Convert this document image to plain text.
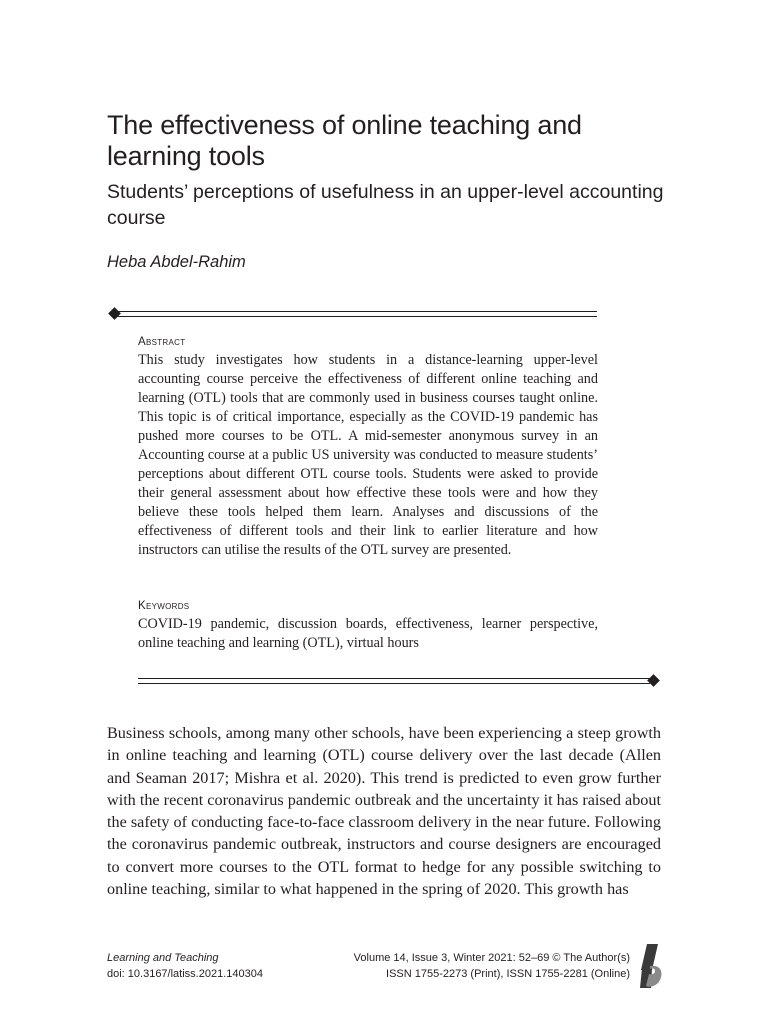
The effectiveness of online teaching and learning tools
Students’ perceptions of usefulness in an upper-level accounting course
Heba Abdel-Rahim
Abstract

This study investigates how students in a distance-learning upper-level accounting course perceive the effectiveness of different online teaching and learning (OTL) tools that are commonly used in business courses taught online. This topic is of critical importance, especially as the COVID-19 pandemic has pushed more courses to be OTL. A mid-semester anonymous survey in an Accounting course at a public US university was conducted to measure students’ perceptions about different OTL course tools. Students were asked to provide their general assessment about how effective these tools were and how they believe these tools helped them learn. Analyses and discussions of the effectiveness of different tools and their link to earlier literature and how instructors can utilise the results of the OTL survey are presented.

Keywords

COVID-19 pandemic, discussion boards, effectiveness, learner perspective, online teaching and learning (OTL), virtual hours

Business schools, among many other schools, have been experiencing a steep growth in online teaching and learning (OTL) course delivery over the last decade (Allen and Seaman 2017; Mishra et al. 2020). This trend is predicted to even grow further with the recent coronavirus pandemic outbreak and the uncertainty it has raised about the safety of conducting face-to-face classroom delivery in the near future. Following the coronavirus pandemic outbreak, instructors and course designers are encouraged to convert more courses to the OTL format to hedge for any possible switching to online teaching, similar to what happened in the spring of 2020. This growth has

Learning and Teaching
doi: 10.3167/latiss.2021.140304
Volume 14, Issue 3, Winter 2021: 52–69 © The Author(s)
ISSN 1755-2273 (Print), ISSN 1755-2281 (Online)
